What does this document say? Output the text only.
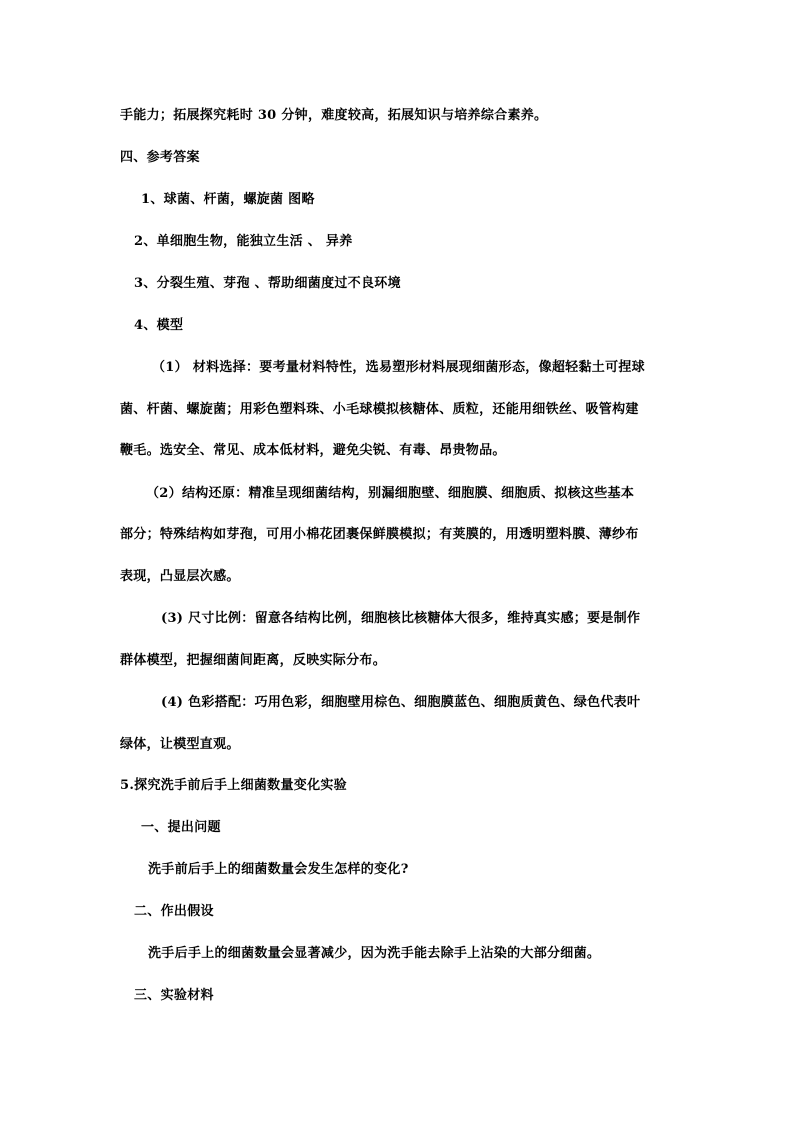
手能力；拓展探究耗时 30 分钟，难度较高，拓展知识与培养综合素养。
四、参考答案
1、球菌、杆菌，螺旋菌 图略
2、单细胞生物，能独立生活 、 异养
3、分裂生殖、芽孢 、帮助细菌度过不良环境
4、模型
（1） 材料选择：要考量材料特性，选易塑形材料展现细菌形态，像超轻黏土可捏球
菌、杆菌、螺旋菌；用彩色塑料珠、小毛球模拟核糖体、质粒，还能用细铁丝、吸管构建
鞭毛。选安全、常见、成本低材料，避免尖锐、有毒、昂贵物品。
（2）结构还原：精准呈现细菌结构，别漏细胞壁、细胞膜、细胞质、拟核这些基本
部分；特殊结构如芽孢，可用小棉花团裹保鲜膜模拟；有荚膜的，用透明塑料膜、薄纱布
表现，凸显层次感。
(3) 尺寸比例：留意各结构比例，细胞核比核糖体大很多，维持真实感；要是制作
群体模型，把握细菌间距离，反映实际分布。
(4) 色彩搭配：巧用色彩，细胞壁用棕色、细胞膜蓝色、细胞质黄色、绿色代表叶
绿体，让模型直观。
5.探究洗手前后手上细菌数量变化实验
一、提出问题
洗手前后手上的细菌数量会发生怎样的变化?
二、作出假设
洗手后手上的细菌数量会显著减少，因为洗手能去除手上沾染的大部分细菌。
三、实验材料
